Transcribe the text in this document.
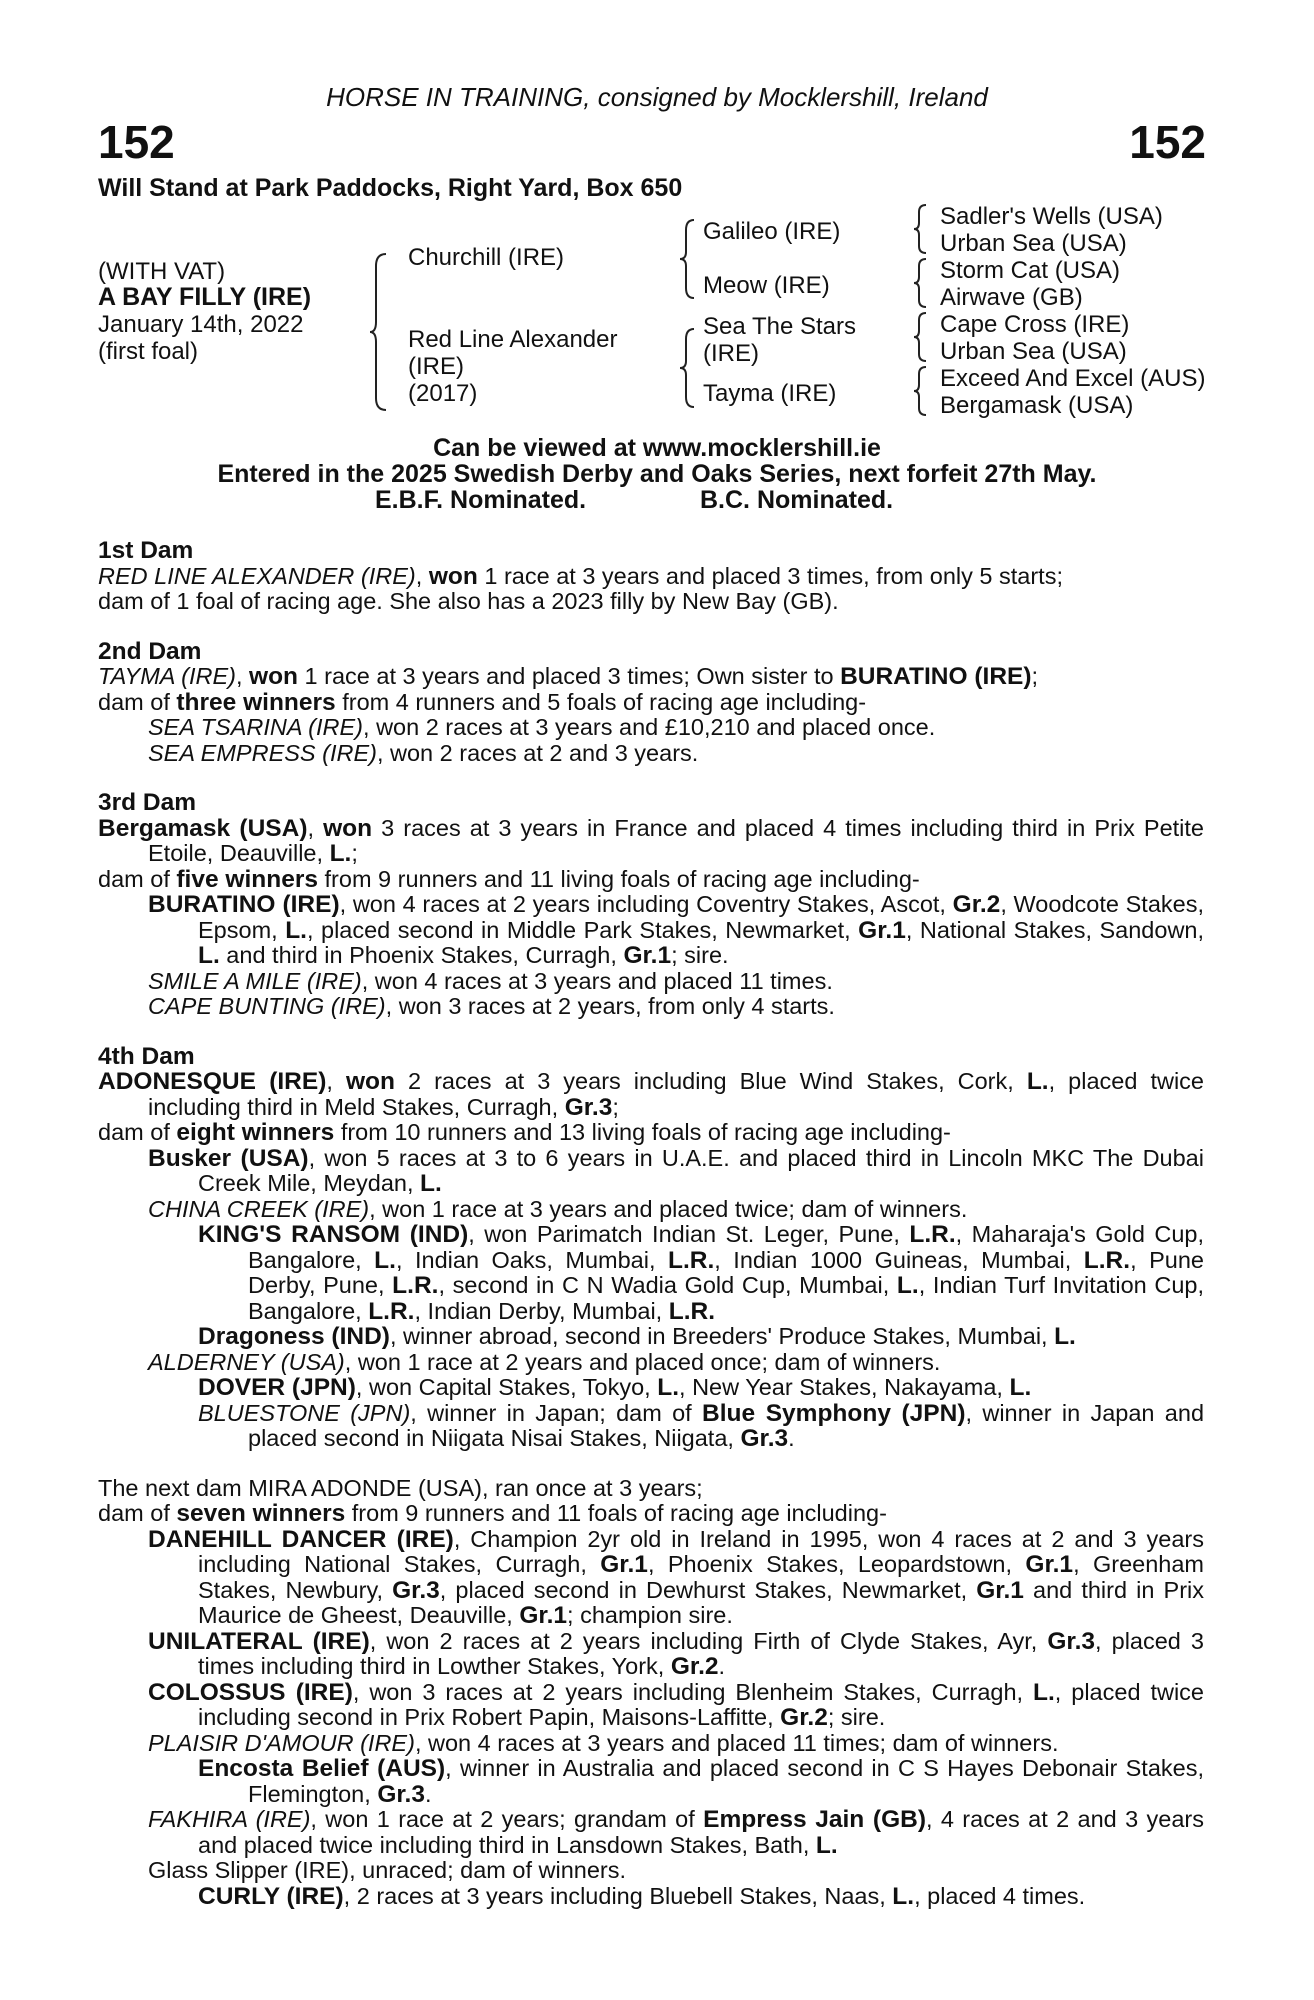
HORSE IN TRAINING, consigned by Mocklershill, Ireland
152	152
Will Stand at Park Paddocks, Right Yard, Box 650
(WITH VAT)
A BAY FILLY (IRE)
January 14th, 2022
(first foal)
Churchill (IRE)
Red Line Alexander
(IRE)
(2017)
Galileo (IRE)
Meow (IRE)
Sea The Stars
(IRE)
Tayma (IRE)
Sadler's Wells (USA)
Urban Sea (USA)
Storm Cat (USA)
Airwave (GB)
Cape Cross (IRE)
Urban Sea (USA)
Exceed And Excel (AUS)
Bergamask (USA)
Can be viewed at www.mocklershill.ie
Entered in the 2025 Swedish Derby and Oaks Series, next forfeit 27th May.
E.B.F. Nominated.	B.C. Nominated.
1st Dam
RED LINE ALEXANDER (IRE), won 1 race at 3 years and placed 3 times, from only 5 starts;
dam of 1 foal of racing age. She also has a 2023 filly by New Bay (GB).
2nd Dam
TAYMA (IRE), won 1 race at 3 years and placed 3 times; Own sister to BURATINO (IRE);
dam of three winners from 4 runners and 5 foals of racing age including-
SEA TSARINA (IRE), won 2 races at 3 years and £10,210 and placed once.
SEA EMPRESS (IRE), won 2 races at 2 and 3 years.
3rd Dam
Bergamask (USA), won 3 races at 3 years in France and placed 4 times including third in Prix Petite Etoile, Deauville, L.;
dam of five winners from 9 runners and 11 living foals of racing age including-
BURATINO (IRE), won 4 races at 2 years including Coventry Stakes, Ascot, Gr.2, Woodcote Stakes, Epsom, L., placed second in Middle Park Stakes, Newmarket, Gr.1, National Stakes, Sandown, L. and third in Phoenix Stakes, Curragh, Gr.1; sire.
SMILE A MILE (IRE), won 4 races at 3 years and placed 11 times.
CAPE BUNTING (IRE), won 3 races at 2 years, from only 4 starts.
4th Dam
ADONESQUE (IRE), won 2 races at 3 years including Blue Wind Stakes, Cork, L., placed twice including third in Meld Stakes, Curragh, Gr.3;
dam of eight winners from 10 runners and 13 living foals of racing age including-
Busker (USA), won 5 races at 3 to 6 years in U.A.E. and placed third in Lincoln MKC The Dubai Creek Mile, Meydan, L.
CHINA CREEK (IRE), won 1 race at 3 years and placed twice; dam of winners.
KING'S RANSOM (IND), won Parimatch Indian St. Leger, Pune, L.R., Maharaja's Gold Cup, Bangalore, L., Indian Oaks, Mumbai, L.R., Indian 1000 Guineas, Mumbai, L.R., Pune Derby, Pune, L.R., second in C N Wadia Gold Cup, Mumbai, L., Indian Turf Invitation Cup, Bangalore, L.R., Indian Derby, Mumbai, L.R.
Dragoness (IND), winner abroad, second in Breeders' Produce Stakes, Mumbai, L.
ALDERNEY (USA), won 1 race at 2 years and placed once; dam of winners.
DOVER (JPN), won Capital Stakes, Tokyo, L., New Year Stakes, Nakayama, L.
BLUESTONE (JPN), winner in Japan; dam of Blue Symphony (JPN), winner in Japan and placed second in Niigata Nisai Stakes, Niigata, Gr.3.
The next dam MIRA ADONDE (USA), ran once at 3 years;
dam of seven winners from 9 runners and 11 foals of racing age including-
DANEHILL DANCER (IRE), Champion 2yr old in Ireland in 1995, won 4 races at 2 and 3 years including National Stakes, Curragh, Gr.1, Phoenix Stakes, Leopardstown, Gr.1, Greenham Stakes, Newbury, Gr.3, placed second in Dewhurst Stakes, Newmarket, Gr.1 and third in Prix Maurice de Gheest, Deauville, Gr.1; champion sire.
UNILATERAL (IRE), won 2 races at 2 years including Firth of Clyde Stakes, Ayr, Gr.3, placed 3 times including third in Lowther Stakes, York, Gr.2.
COLOSSUS (IRE), won 3 races at 2 years including Blenheim Stakes, Curragh, L., placed twice including second in Prix Robert Papin, Maisons-Laffitte, Gr.2; sire.
PLAISIR D'AMOUR (IRE), won 4 races at 3 years and placed 11 times; dam of winners.
Encosta Belief (AUS), winner in Australia and placed second in C S Hayes Debonair Stakes, Flemington, Gr.3.
FAKHIRA (IRE), won 1 race at 2 years; grandam of Empress Jain (GB), 4 races at 2 and 3 years and placed twice including third in Lansdown Stakes, Bath, L.
Glass Slipper (IRE), unraced; dam of winners.
CURLY (IRE), 2 races at 3 years including Bluebell Stakes, Naas, L., placed 4 times.
